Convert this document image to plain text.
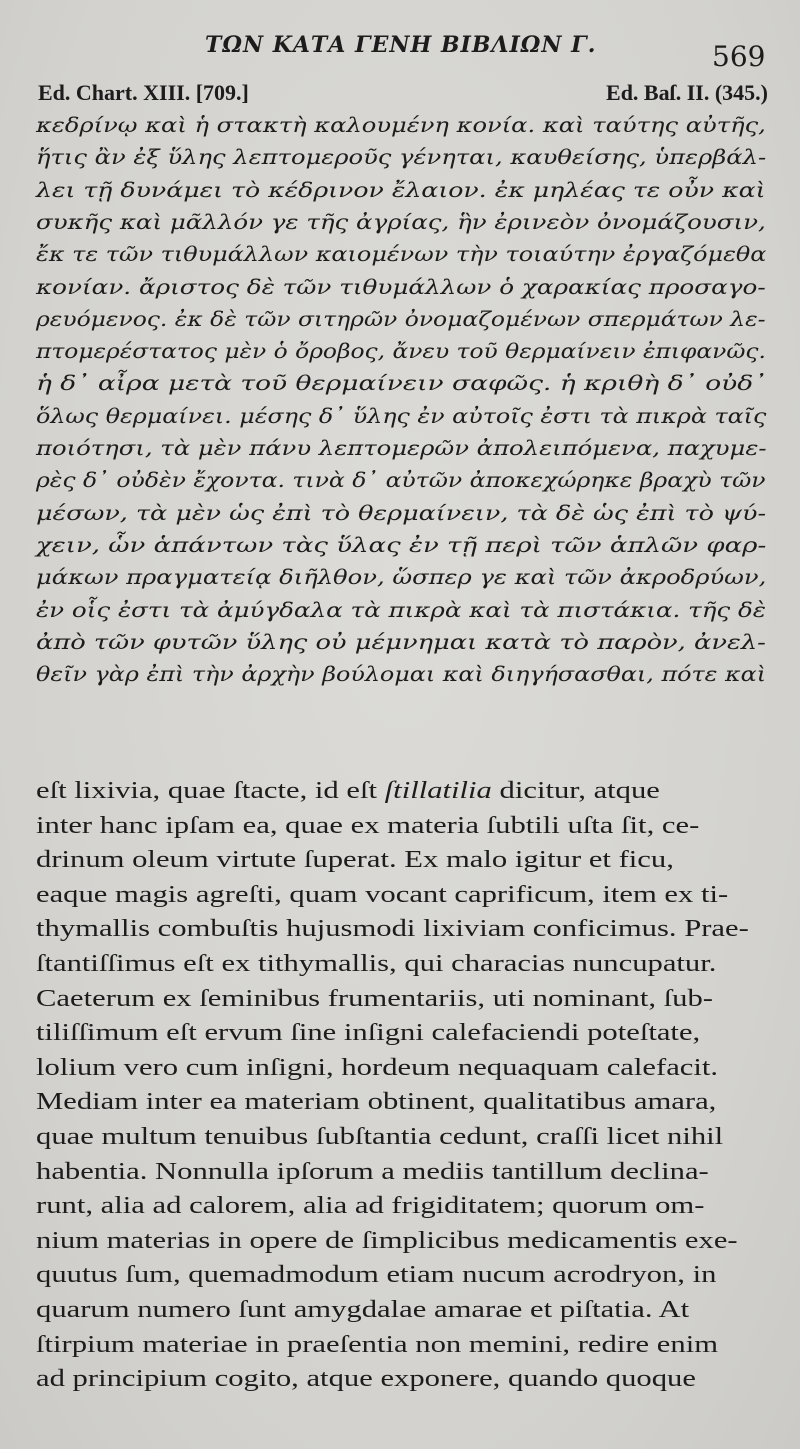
ΤΩΝ ΚΑΤΑ ΓΕΝΗ ΒΙΒΛΙΩΝ Γ.	569
Ed. Chart. XIII. [709.]	Ed. Baſ. II. (345.)
κεδρίνῳ καὶ ἡ στακτὴ καλουμένη κονία. καὶ ταύτης αὐτῆς,
ἥτις ἂν ἐξ ὕλης λεπτομεροῦς γένηται, καυθείσης, ὑπερβάλ-
λει τῇ δυνάμει τὸ κέδρινον ἔλαιον. ἐκ μηλέας τε οὖν καὶ
συκῆς καὶ μᾶλλόν γε τῆς ἀγρίας, ἣν ἐρινεὸν ὀνομάζουσιν,
ἔκ τε τῶν τιθυμάλλων καιομένων τὴν τοιαύτην ἐργαζόμεθα
κονίαν. ἄριστος δὲ τῶν τιθυμάλλων ὁ χαρακίας προσαγο-
ρευόμενος. ἐκ δὲ τῶν σιτηρῶν ὀνομαζομένων σπερμάτων λε-
πτομερέστατος μὲν ὁ ὄροβος, ἄνευ τοῦ θερμαίνειν ἐπιφανῶς.
ἡ δ᾽ αἶρα μετὰ τοῦ θερμαίνειν σαφῶς. ἡ κριθὴ δ᾽ οὐδ᾽
ὅλως θερμαίνει. μέσης δ᾽ ὕλης ἐν αὐτοῖς ἐστι τὰ πικρὰ ταῖς
ποιότησι, τὰ μὲν πάνυ λεπτομερῶν ἀπολειπόμενα, παχυμε-
ρὲς δ᾽ οὐδὲν ἔχοντα. τινὰ δ᾽ αὐτῶν ἀποκεχώρηκε βραχὺ τῶν
μέσων, τὰ μὲν ὡς ἐπὶ τὸ θερμαίνειν, τὰ δὲ ὡς ἐπὶ τὸ ψύ-
χειν, ὧν ἁπάντων τὰς ὕλας ἐν τῇ περὶ τῶν ἁπλῶν φαρ-
μάκων πραγματείᾳ διῆλθον, ὥσπερ γε καὶ τῶν ἀκροδρύων,
ἐν οἷς ἐστι τὰ ἀμύγδαλα τὰ πικρὰ καὶ τὰ πιστάκια. τῆς δὲ
ἀπὸ τῶν φυτῶν ὕλης οὐ μέμνημαι κατὰ τὸ παρὸν, ἀνελ-
θεῖν γὰρ ἐπὶ τὴν ἀρχὴν βούλομαι καὶ διηγήσασθαι, πότε καὶ
eſt lixivia, quae ſtacte, id eſt ſtillatilia dicitur, atque
inter hanc ipſam ea, quae ex materia ſubtili uſta ſit, ce-
drinum oleum virtute ſuperat. Ex malo igitur et ficu,
eaque magis agreſti, quam vocant caprificum, item ex ti-
thymallis combuſtis hujusmodi lixiviam conficimus. Prae-
ſtantiſſimus eſt ex tithymallis, qui characias nuncupatur.
Caeterum ex ſeminibus frumentariis, uti nominant, ſub-
tiliſſimum eſt ervum ſine inſigni calefaciendi poteſtate,
lolium vero cum inſigni, hordeum nequaquam calefacit.
Mediam inter ea materiam obtinent, qualitatibus amara,
quae multum tenuibus ſubſtantia cedunt, craſſi licet nihil
habentia. Nonnulla ipſorum a mediis tantillum declina-
runt, alia ad calorem, alia ad frigiditatem; quorum om-
nium materias in opere de ſimplicibus medicamentis exe-
quutus ſum, quemadmodum etiam nucum acrodryon, in
quarum numero ſunt amygdalae amarae et piſtatia. At
ſtirpium materiae in praeſentia non memini, redire enim
ad principium cogito, atque exponere, quando quoque
